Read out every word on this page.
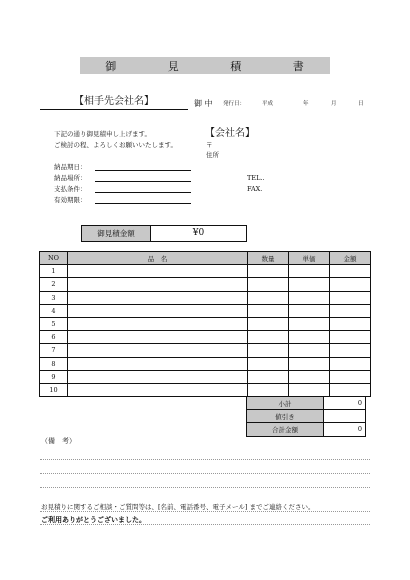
御	見	積	書
【相手先会社名】	御 中 発行日：	平成	年	月	日
下記の通り御見積申し上げます。
ご検討の程、よろしくお願いいたします。
【会社名】
〒
住所
TEL..
FAX.
納品期日：
納品場所：
支払条件：
有効期限：
御見積金額	¥0
NO	品　名	数量	単価	金額
1				
2				
3				
4				
5				
6				
7				
8				
9				
10				
小計	0
値引き	
合計金額	0
（備　考）
お見積りに関するご相談・ご質問等は、[名前、電話番号、電子メール] までご連絡ください。
ご利用ありがとうございました。
